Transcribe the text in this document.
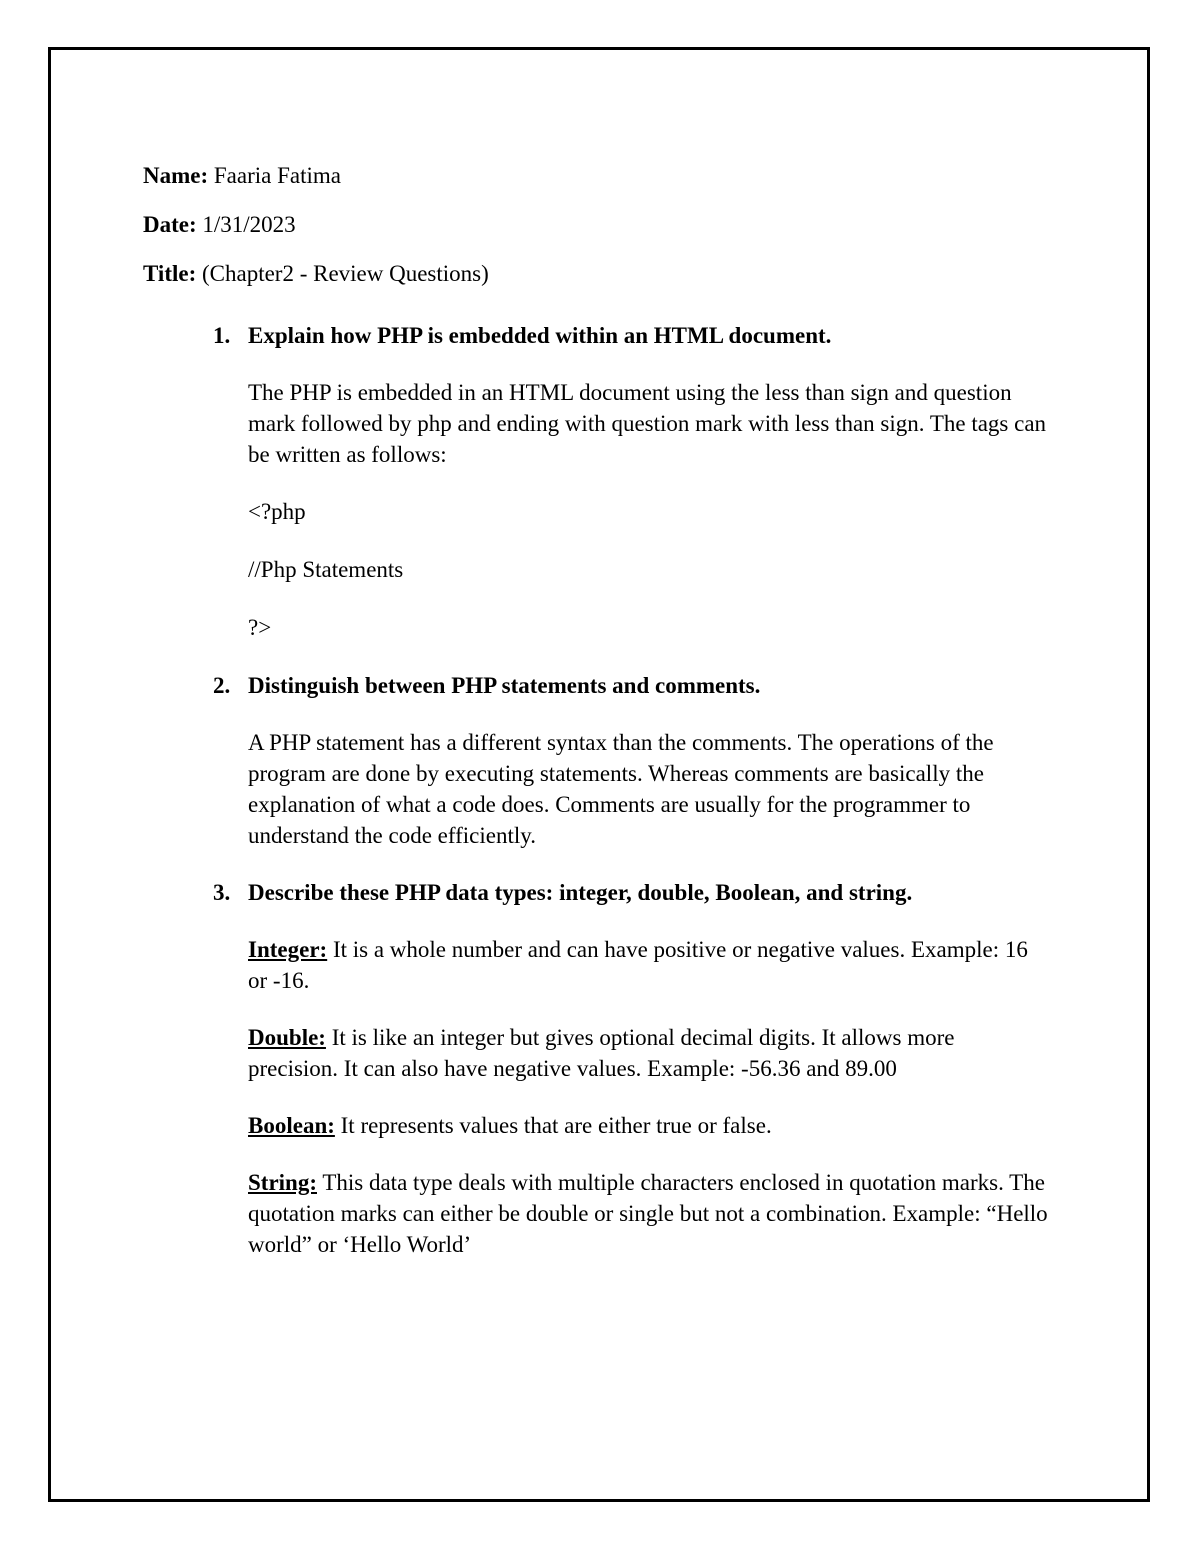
Name: Faaria Fatima

Date: 1/31/2023

Title: (Chapter2 - Review Questions)

1. Explain how PHP is embedded within an HTML document.

The PHP is embedded in an HTML document using the less than sign and question mark followed by php and ending with question mark with less than sign. The tags can be written as follows:

<?php

//Php Statements

?>

2. Distinguish between PHP statements and comments.

A PHP statement has a different syntax than the comments. The operations of the program are done by executing statements. Whereas comments are basically the explanation of what a code does. Comments are usually for the programmer to understand the code efficiently.

3. Describe these PHP data types: integer, double, Boolean, and string.

Integer: It is a whole number and can have positive or negative values. Example: 16 or -16.

Double: It is like an integer but gives optional decimal digits. It allows more precision. It can also have negative values. Example: -56.36 and 89.00

Boolean: It represents values that are either true or false.

String: This data type deals with multiple characters enclosed in quotation marks. The quotation marks can either be double or single but not a combination. Example: “Hello world” or ‘Hello World’
